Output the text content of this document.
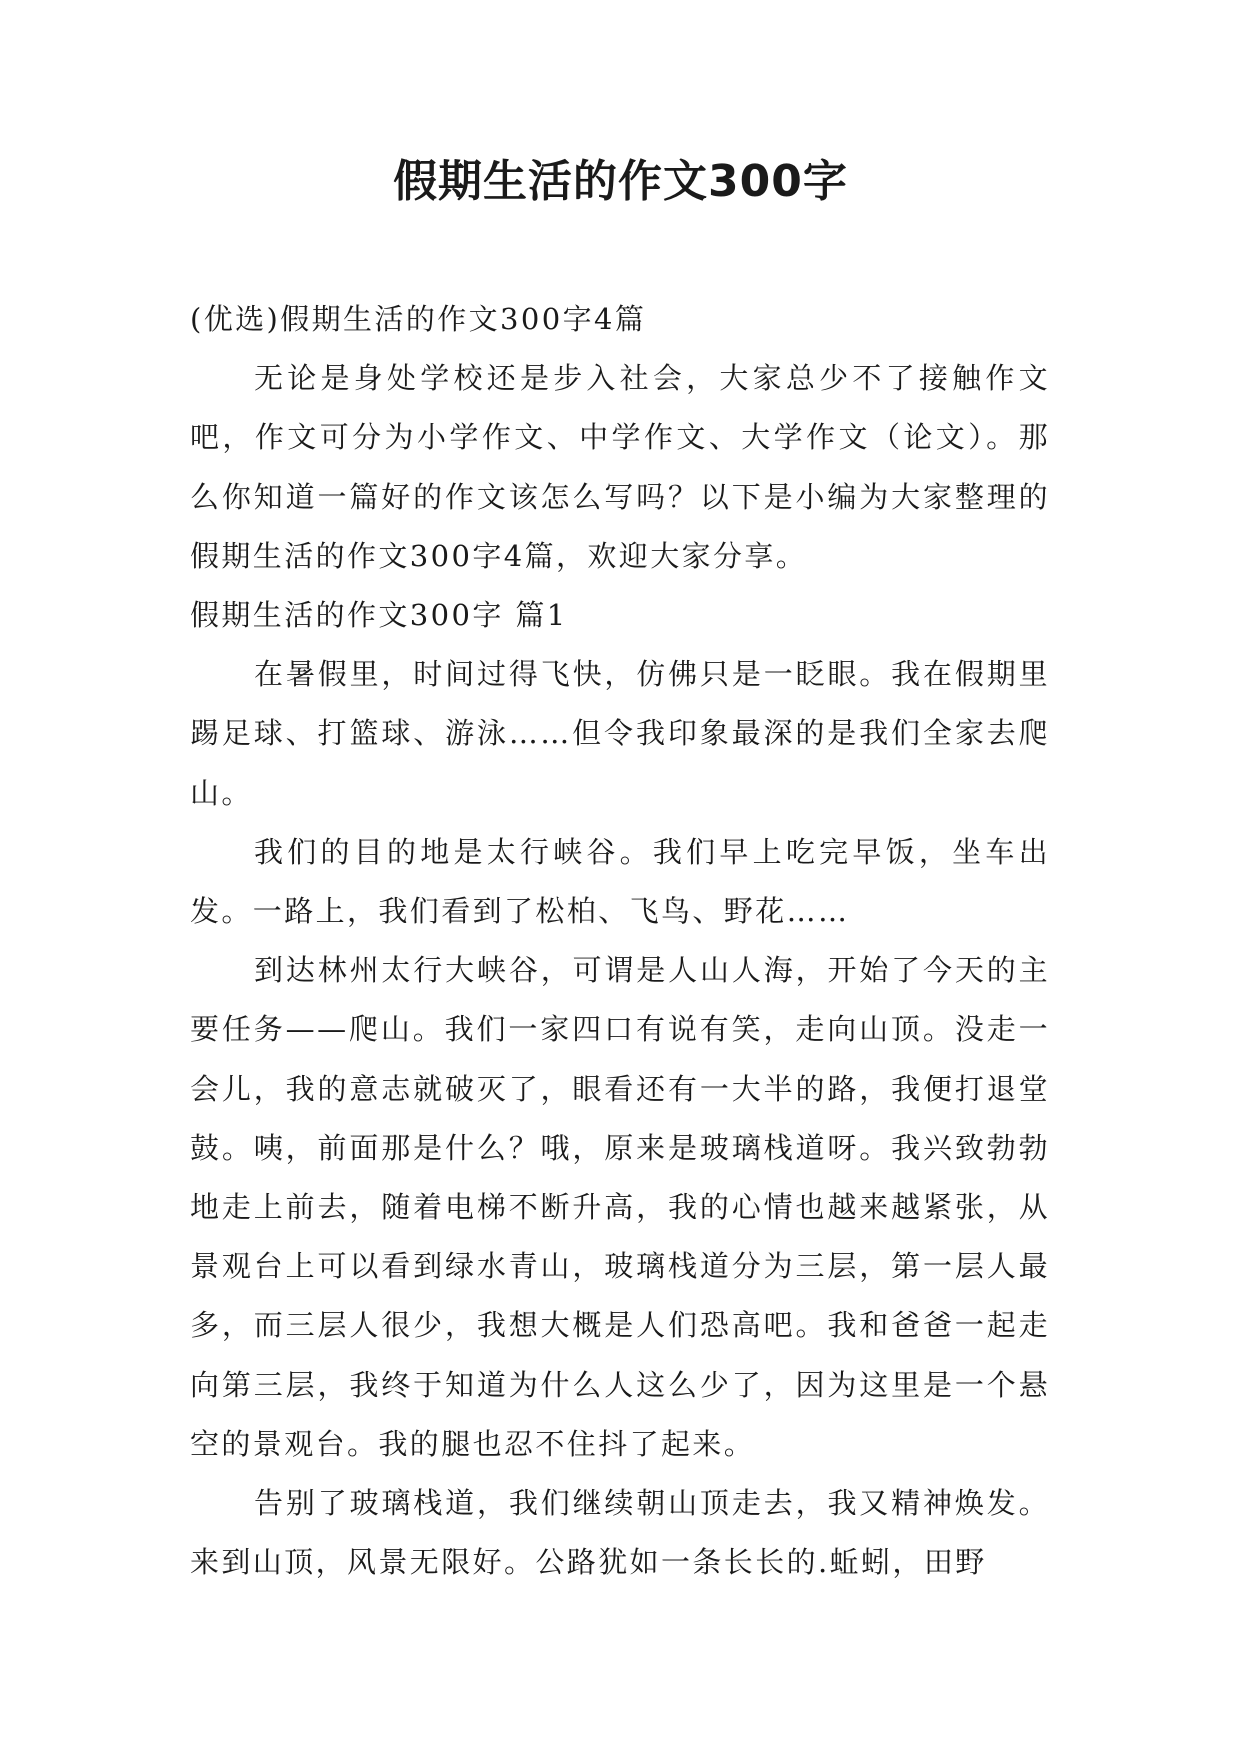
假期生活的作文300字

(优选)假期生活的作文300字4篇

无论是身处学校还是步入社会，大家总少不了接触作文吧，作文可分为小学作文、中学作文、大学作文（论文）。那么你知道一篇好的作文该怎么写吗？以下是小编为大家整理的假期生活的作文300字4篇，欢迎大家分享。

假期生活的作文300字 篇1

在暑假里，时间过得飞快，仿佛只是一眨眼。我在假期里踢足球、打篮球、游泳……但令我印象最深的是我们全家去爬山。

我们的目的地是太行峡谷。我们早上吃完早饭，坐车出发。一路上，我们看到了松柏、飞鸟、野花……

到达林州太行大峡谷，可谓是人山人海，开始了今天的主要任务——爬山。我们一家四口有说有笑，走向山顶。没走一会儿，我的意志就破灭了，眼看还有一大半的路，我便打退堂鼓。咦，前面那是什么？哦，原来是玻璃栈道呀。我兴致勃勃地走上前去，随着电梯不断升高，我的心情也越来越紧张，从景观台上可以看到绿水青山，玻璃栈道分为三层，第一层人最多，而三层人很少，我想大概是人们恐高吧。我和爸爸一起走向第三层，我终于知道为什么人这么少了，因为这里是一个悬空的景观台。我的腿也忍不住抖了起来。

告别了玻璃栈道，我们继续朝山顶走去，我又精神焕发。来到山顶，风景无限好。公路犹如一条长长的.蚯蚓，田野
